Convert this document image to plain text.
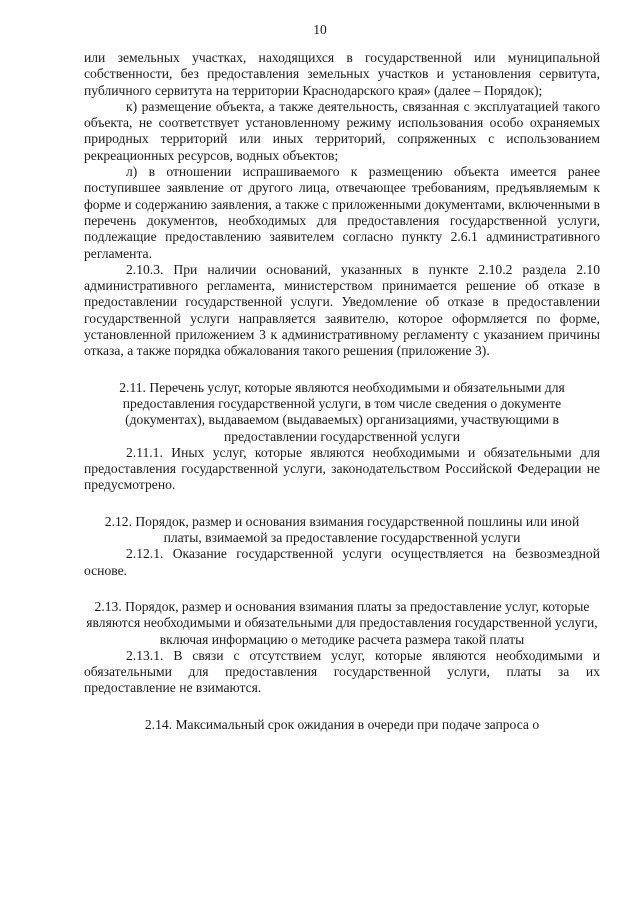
10

или земельных участках, находящихся в государственной или муниципальной собственности, без предоставления земельных участков и установления сервитута, публичного сервитута на территории Краснодарского края» (далее – Порядок);

к) размещение объекта, а также деятельность, связанная с эксплуатацией такого объекта, не соответствует установленному режиму использования особо охраняемых природных территорий или иных территорий, сопряженных с использованием рекреационных ресурсов, водных объектов;

л) в отношении испрашиваемого к размещению объекта имеется ранее поступившее заявление от другого лица, отвечающее требованиям, предъявляемым к форме и содержанию заявления, а также с приложенными документами, включенными в перечень документов, необходимых для предоставления государственной услуги, подлежащие предоставлению заявителем согласно пункту 2.6.1 административного регламента.

2.10.3. При наличии оснований, указанных в пункте 2.10.2 раздела 2.10 административного регламента, министерством принимается решение об отказе в предоставлении государственной услуги. Уведомление об отказе в предоставлении государственной услуги направляется заявителю, которое оформляется по форме, установленной приложением 3 к административному регламенту с указанием причины отказа, а также порядка обжалования такого решения (приложение 3).

2.11. Перечень услуг, которые являются необходимыми и обязательными для предоставления государственной услуги, в том числе сведения о документе (документах), выдаваемом (выдаваемых) организациями, участвующими в предоставлении государственной услуги

2.11.1. Иных услуг, которые являются необходимыми и обязательными для предоставления государственной услуги, законодательством Российской Федерации не предусмотрено.

2.12. Порядок, размер и основания взимания государственной пошлины или иной платы, взимаемой за предоставление государственной услуги

2.12.1. Оказание государственной услуги осуществляется на безвозмездной основе.

2.13. Порядок, размер и основания взимания платы за предоставление услуг, которые являются необходимыми и обязательными для предоставления государственной услуги, включая информацию о методике расчета размера такой платы

2.13.1. В связи с отсутствием услуг, которые являются необходимыми и обязательными для предоставления государственной услуги, платы за их предоставление не взимаются.

2.14. Максимальный срок ожидания в очереди при подаче запроса о
